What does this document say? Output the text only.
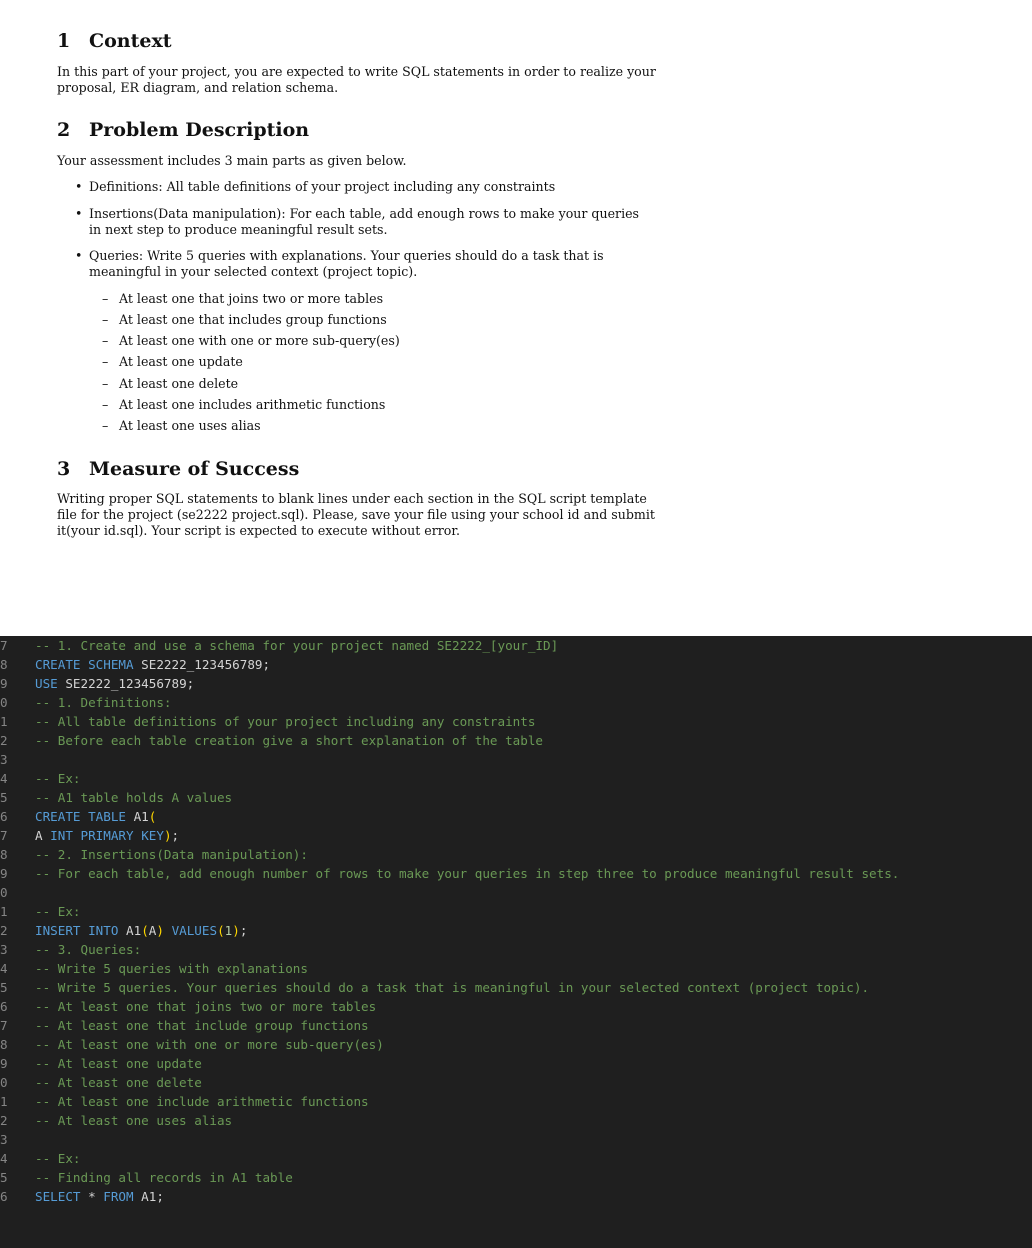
1 Context

In this part of your project, you are expected to write SQL statements in order to realize your proposal, ER diagram, and relation schema.

2 Problem Description

Your assessment includes 3 main parts as given below.

• Definitions: All table definitions of your project including any constraints
• Insertions(Data manipulation): For each table, add enough rows to make your queries in next step to produce meaningful result sets.
• Queries: Write 5 queries with explanations. Your queries should do a task that is meaningful in your selected context (project topic).
– At least one that joins two or more tables
– At least one that includes group functions
– At least one with one or more sub-query(es)
– At least one update
– At least one delete
– At least one includes arithmetic functions
– At least one uses alias
3 Measure of Success

Writing proper SQL statements to blank lines under each section in the SQL script template file for the project (se2222 project.sql). Please, save your file using your school id and submit it(your id.sql). Your script is expected to execute without error.

7 -- 1. Create and use a schema for your project named SE2222_[your_ID]
8 CREATE SCHEMA SE2222_123456789;
9 USE SE2222_123456789;
0 -- 1. Definitions:
1 -- All table definitions of your project including any constraints
2 -- Before each table creation give a short explanation of the table
3
4 -- Ex:
5 -- A1 table holds A values
6 CREATE TABLE A1(
7 A INT PRIMARY KEY);
8 -- 2. Insertions(Data manipulation):
9 -- For each table, add enough number of rows to make your queries in step three to produce meaningful result sets.
0
1 -- Ex:
2 INSERT INTO A1(A) VALUES(1);
3 -- 3. Queries:
4 -- Write 5 queries with explanations
5 -- Write 5 queries. Your queries should do a task that is meaningful in your selected context (project topic).
6 -- At least one that joins two or more tables
7 -- At least one that include group functions
8 -- At least one with one or more sub-query(es)
9 -- At least one update
0 -- At least one delete
1 -- At least one include arithmetic functions
2 -- At least one uses alias
3
4 -- Ex:
5 -- Finding all records in A1 table
6 SELECT * FROM A1;
